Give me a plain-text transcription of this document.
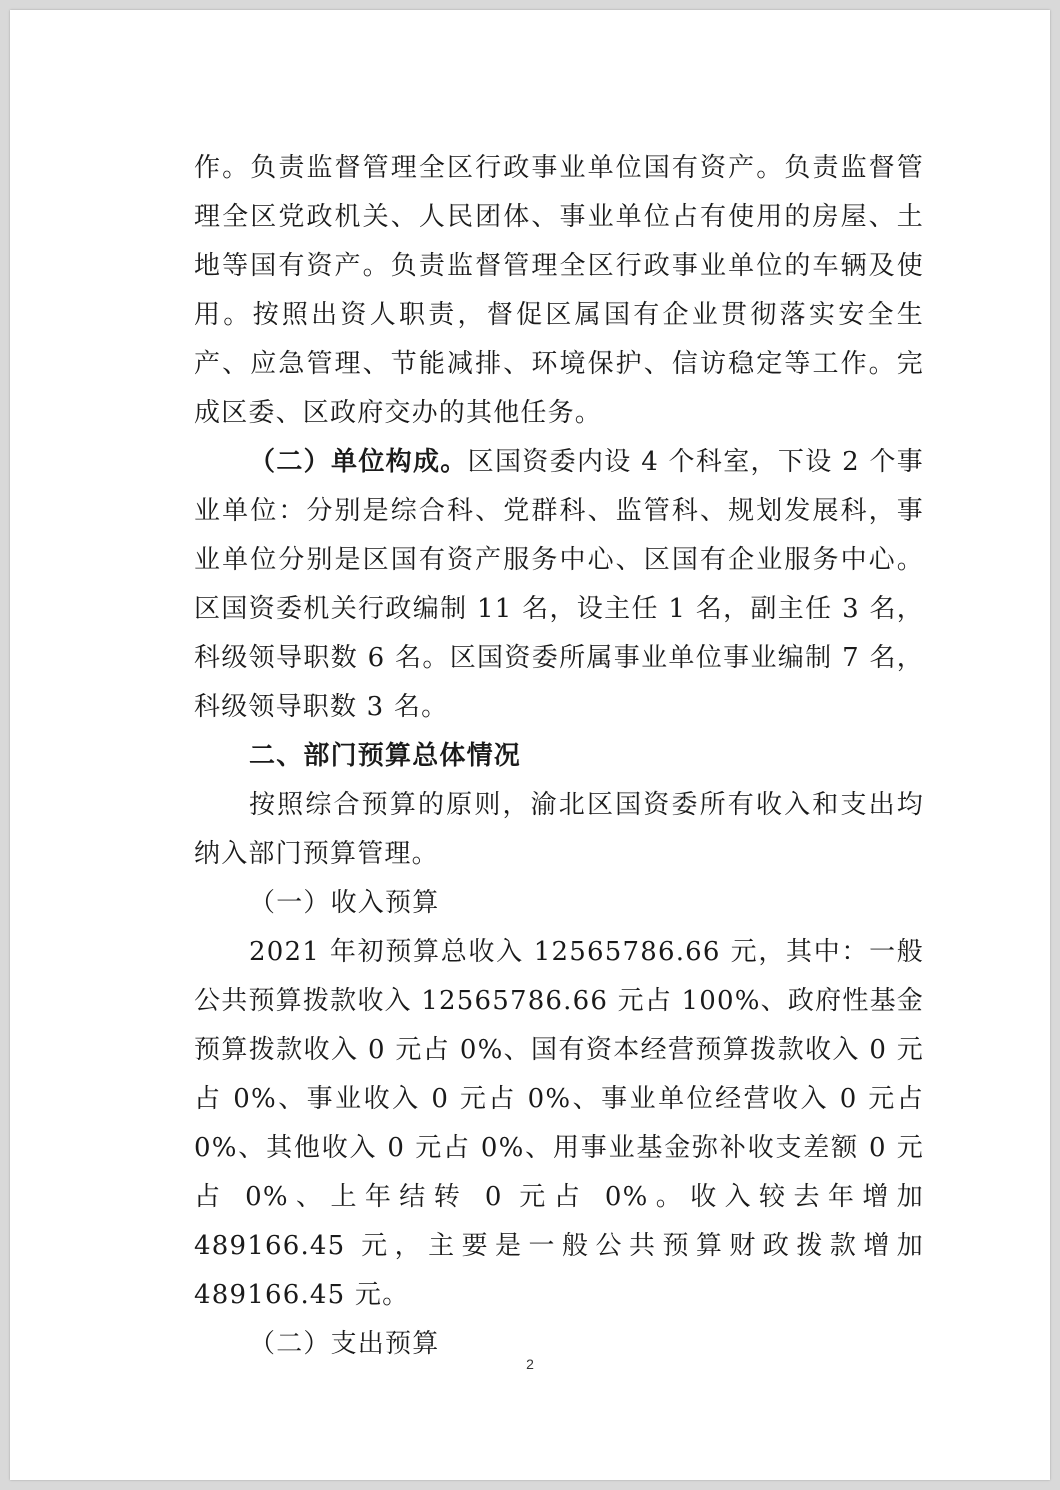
作。负责监督管理全区行政事业单位国有资产。负责监督管理全区党政机关、人民团体、事业单位占有使用的房屋、土地等国有资产。负责监督管理全区行政事业单位的车辆及使用。按照出资人职责，督促区属国有企业贯彻落实安全生产、应急管理、节能减排、环境保护、信访稳定等工作。完成区委、区政府交办的其他任务。

（二）单位构成。区国资委内设 4 个科室，下设 2 个事业单位：分别是综合科、党群科、监管科、规划发展科，事业单位分别是区国有资产服务中心、区国有企业服务中心。区国资委机关行政编制 11 名，设主任 1 名，副主任 3 名，科级领导职数 6 名。区国资委所属事业单位事业编制 7 名，科级领导职数 3 名。

二、部门预算总体情况

按照综合预算的原则，渝北区国资委所有收入和支出均纳入部门预算管理。

（一）收入预算

2021 年初预算总收入 12565786.66 元，其中：一般公共预算拨款收入 12565786.66 元占 100%、政府性基金预算拨款收入 0 元占 0%、国有资本经营预算拨款收入 0 元占 0%、事业收入 0 元占 0%、事业单位经营收入 0 元占 0%、其他收入 0 元占 0%、用事业基金弥补收支差额 0 元占 0%、上年结转 0 元占 0%。收入较去年增加 489166.45 元，主要是一般公共预算财政拨款增加 489166.45 元。

（二）支出预算

2
